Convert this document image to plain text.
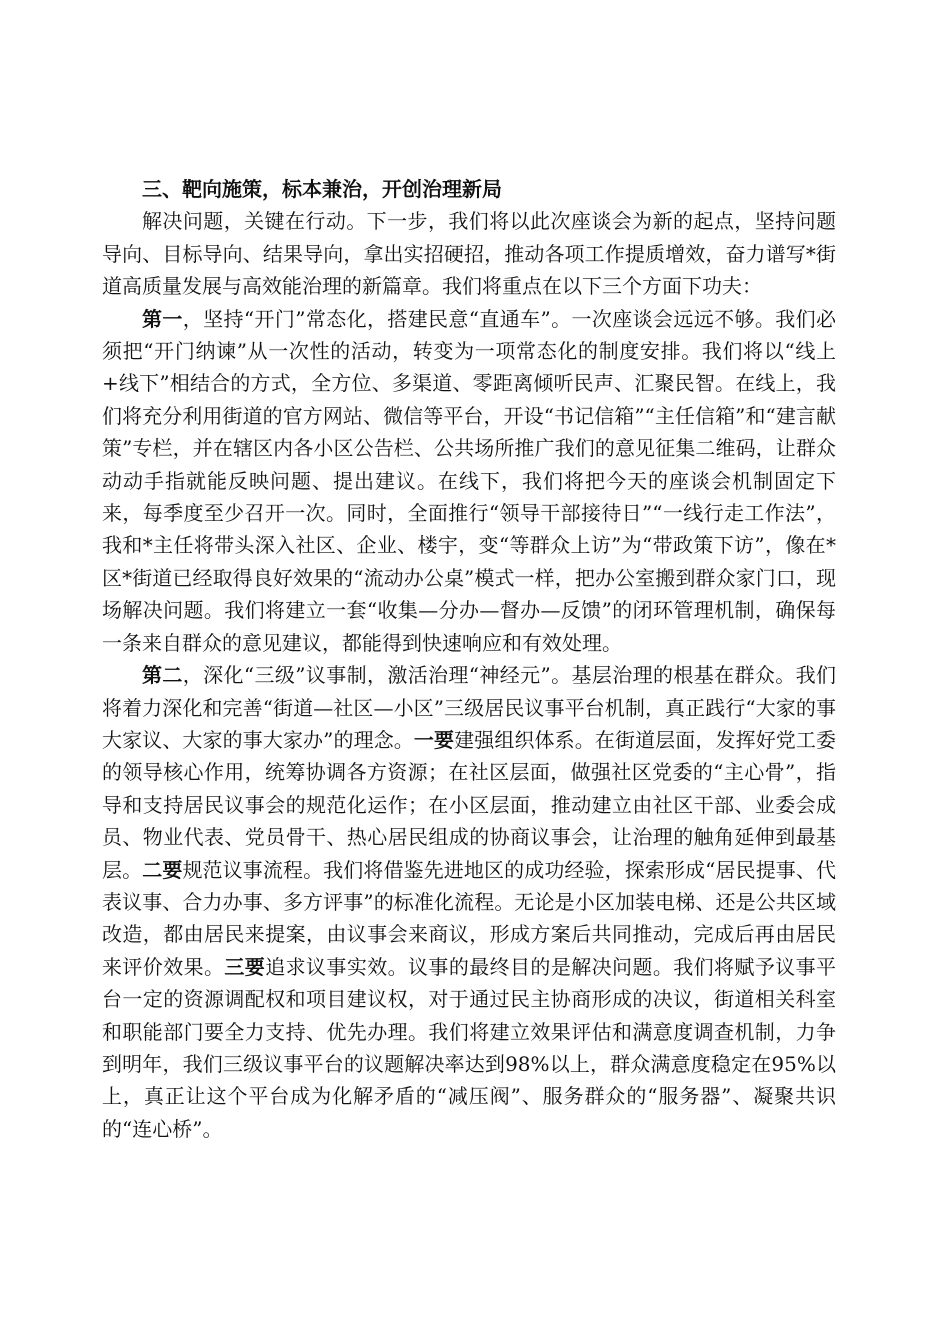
三、靶向施策，标本兼治，开创治理新局

解决问题，关键在行动。下一步，我们将以此次座谈会为新的起点，坚持问题导向、目标导向、结果导向，拿出实招硬招，推动各项工作提质增效，奋力谱写*街道高质量发展与高效能治理的新篇章。我们将重点在以下三个方面下功夫：

第一，坚持“开门”常态化，搭建民意“直通车”。一次座谈会远远不够。我们必须把“开门纳谏”从一次性的活动，转变为一项常态化的制度安排。我们将以“线上+线下”相结合的方式，全方位、多渠道、零距离倾听民声、汇聚民智。在线上，我们将充分利用街道的官方网站、微信等平台，开设“书记信箱”“主任信箱”和“建言献策”专栏，并在辖区内各小区公告栏、公共场所推广我们的意见征集二维码，让群众动动手指就能反映问题、提出建议。在线下，我们将把今天的座谈会机制固定下来，每季度至少召开一次。同时，全面推行“领导干部接待日”“一线行走工作法”，我和*主任将带头深入社区、企业、楼宇，变“等群众上访”为“带政策下访”，像在*区*街道已经取得良好效果的“流动办公桌”模式一样，把办公室搬到群众家门口，现场解决问题。我们将建立一套“收集—分办—督办—反馈”的闭环管理机制，确保每一条来自群众的意见建议，都能得到快速响应和有效处理。

第二，深化“三级”议事制，激活治理“神经元”。基层治理的根基在群众。我们将着力深化和完善“街道—社区—小区”三级居民议事平台机制，真正践行“大家的事大家议、大家的事大家办”的理念。一要建强组织体系。在街道层面，发挥好党工委的领导核心作用，统筹协调各方资源；在社区层面，做强社区党委的“主心骨”，指导和支持居民议事会的规范化运作；在小区层面，推动建立由社区干部、业委会成员、物业代表、党员骨干、热心居民组成的协商议事会，让治理的触角延伸到最基层。二要规范议事流程。我们将借鉴先进地区的成功经验，探索形成“居民提事、代表议事、合力办事、多方评事”的标准化流程。无论是小区加装电梯、还是公共区域改造，都由居民来提案，由议事会来商议，形成方案后共同推动，完成后再由居民来评价效果。三要追求议事实效。议事的最终目的是解决问题。我们将赋予议事平台一定的资源调配权和项目建议权，对于通过民主协商形成的决议，街道相关科室和职能部门要全力支持、优先办理。我们将建立效果评估和满意度调查机制，力争到明年，我们三级议事平台的议题解决率达到98%以上，群众满意度稳定在95%以上，真正让这个平台成为化解矛盾的“减压阀”、服务群众的“服务器”、凝聚共识的“连心桥”。
